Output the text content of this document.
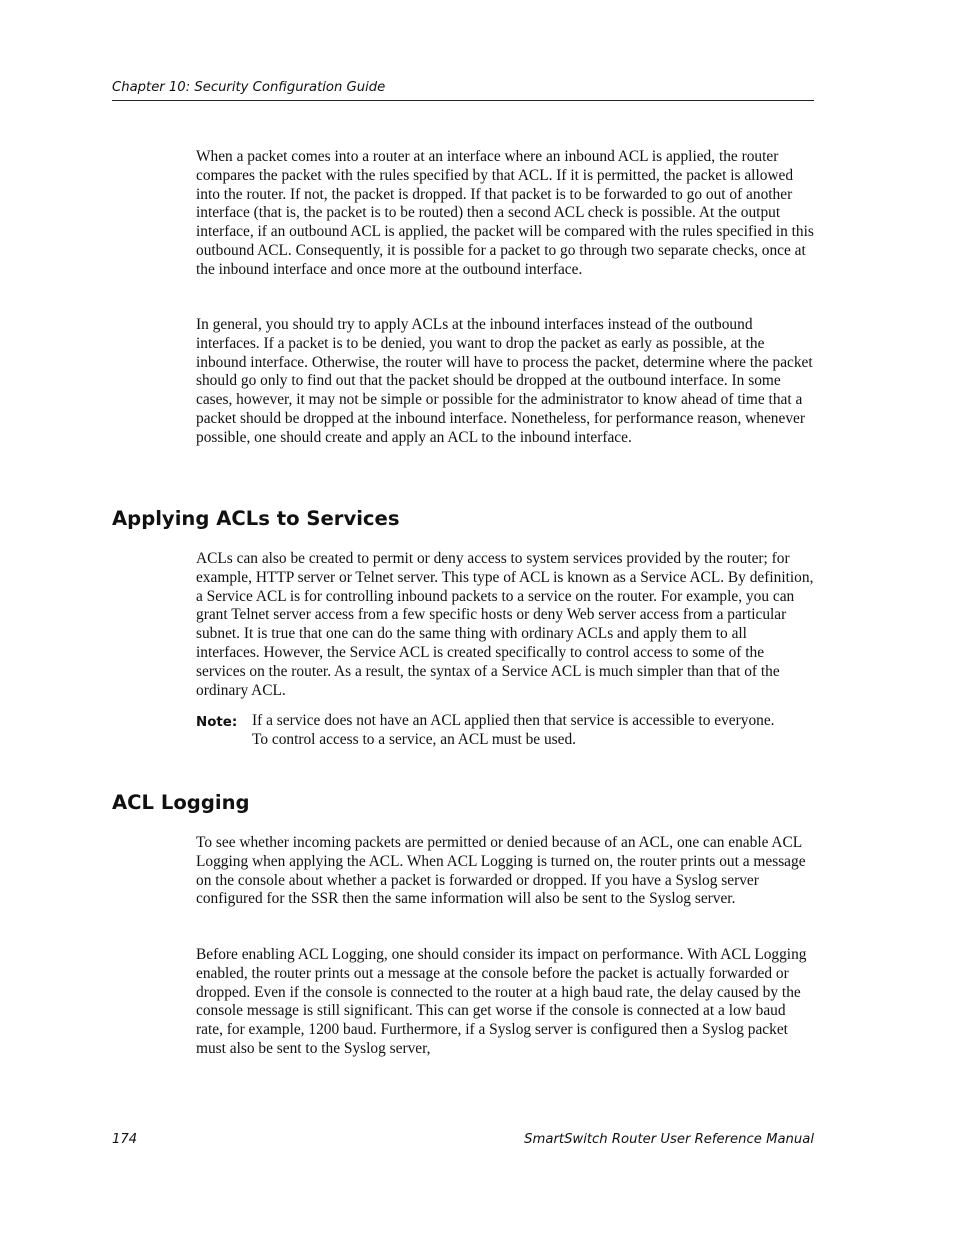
Chapter 10: Security Configuration Guide

When a packet comes into a router at an interface where an inbound ACL is applied, the router compares the packet with the rules specified by that ACL. If it is permitted, the packet is allowed into the router. If not, the packet is dropped. If that packet is to be forwarded to go out of another interface (that is, the packet is to be routed) then a second ACL check is possible. At the output interface, if an outbound ACL is applied, the packet will be compared with the rules specified in this outbound ACL. Consequently, it is possible for a packet to go through two separate checks, once at the inbound interface and once more at the outbound interface.

In general, you should try to apply ACLs at the inbound interfaces instead of the outbound interfaces. If a packet is to be denied, you want to drop the packet as early as possible, at the inbound interface. Otherwise, the router will have to process the packet, determine where the packet should go only to find out that the packet should be dropped at the outbound interface. In some cases, however, it may not be simple or possible for the administrator to know ahead of time that a packet should be dropped at the inbound interface. Nonetheless, for performance reason, whenever possible, one should create and apply an ACL to the inbound interface.

Applying ACLs to Services

ACLs can also be created to permit or deny access to system services provided by the router; for example, HTTP server or Telnet server. This type of ACL is known as a Service ACL. By definition, a Service ACL is for controlling inbound packets to a service on the router. For example, you can grant Telnet server access from a few specific hosts or deny Web server access from a particular subnet. It is true that one can do the same thing with ordinary ACLs and apply them to all interfaces. However, the Service ACL is created specifically to control access to some of the services on the router. As a result, the syntax of a Service ACL is much simpler than that of the ordinary ACL.

Note: If a service does not have an ACL applied then that service is accessible to everyone. To control access to a service, an ACL must be used.

ACL Logging

To see whether incoming packets are permitted or denied because of an ACL, one can enable ACL Logging when applying the ACL. When ACL Logging is turned on, the router prints out a message on the console about whether a packet is forwarded or dropped. If you have a Syslog server configured for the SSR then the same information will also be sent to the Syslog server.

Before enabling ACL Logging, one should consider its impact on performance. With ACL Logging enabled, the router prints out a message at the console before the packet is actually forwarded or dropped. Even if the console is connected to the router at a high baud rate, the delay caused by the console message is still significant. This can get worse if the console is connected at a low baud rate, for example, 1200 baud. Furthermore, if a Syslog server is configured then a Syslog packet must also be sent to the Syslog server,

174	SmartSwitch Router User Reference Manual
